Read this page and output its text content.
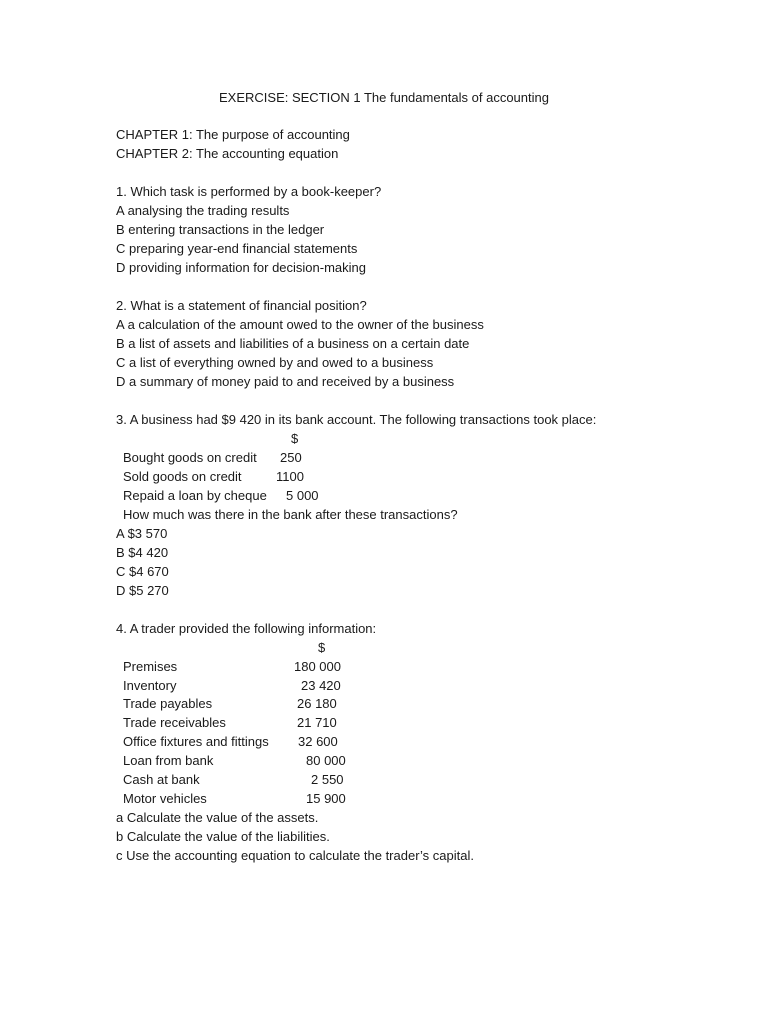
EXERCISE: SECTION 1 The fundamentals of accounting
CHAPTER 1: The purpose of accounting
CHAPTER 2: The accounting equation
1. Which task is performed by a book-keeper?
A analysing the trading results
B entering transactions in the ledger
C preparing year-end financial statements
D providing information for decision-making
2. What is a statement of financial position?
A a calculation of the amount owed to the owner of the business
B a list of assets and liabilities of a business on a certain date
C a list of everything owned by and owed to a business
D a summary of money paid to and received by a business
3. A business had $9 420 in its bank account. The following transactions took place:
$
Bought goods on credit 250
Sold goods on credit	1100
Repaid a loan by cheque 5 000
How much was there in the bank after these transactions?
A $3 570
B $4 420
C $4 670
D $5 270
4. A trader provided the following information:
$
Premises	180 000
Inventory	23 420
Trade payables	26 180
Trade receivables	21 710
Office fixtures and fittings 32 600
Loan from bank	80 000
Cash at bank	2 550
Motor vehicles	15 900
a Calculate the value of the assets.
b Calculate the value of the liabilities.
c Use the accounting equation to calculate the trader’s capital.
